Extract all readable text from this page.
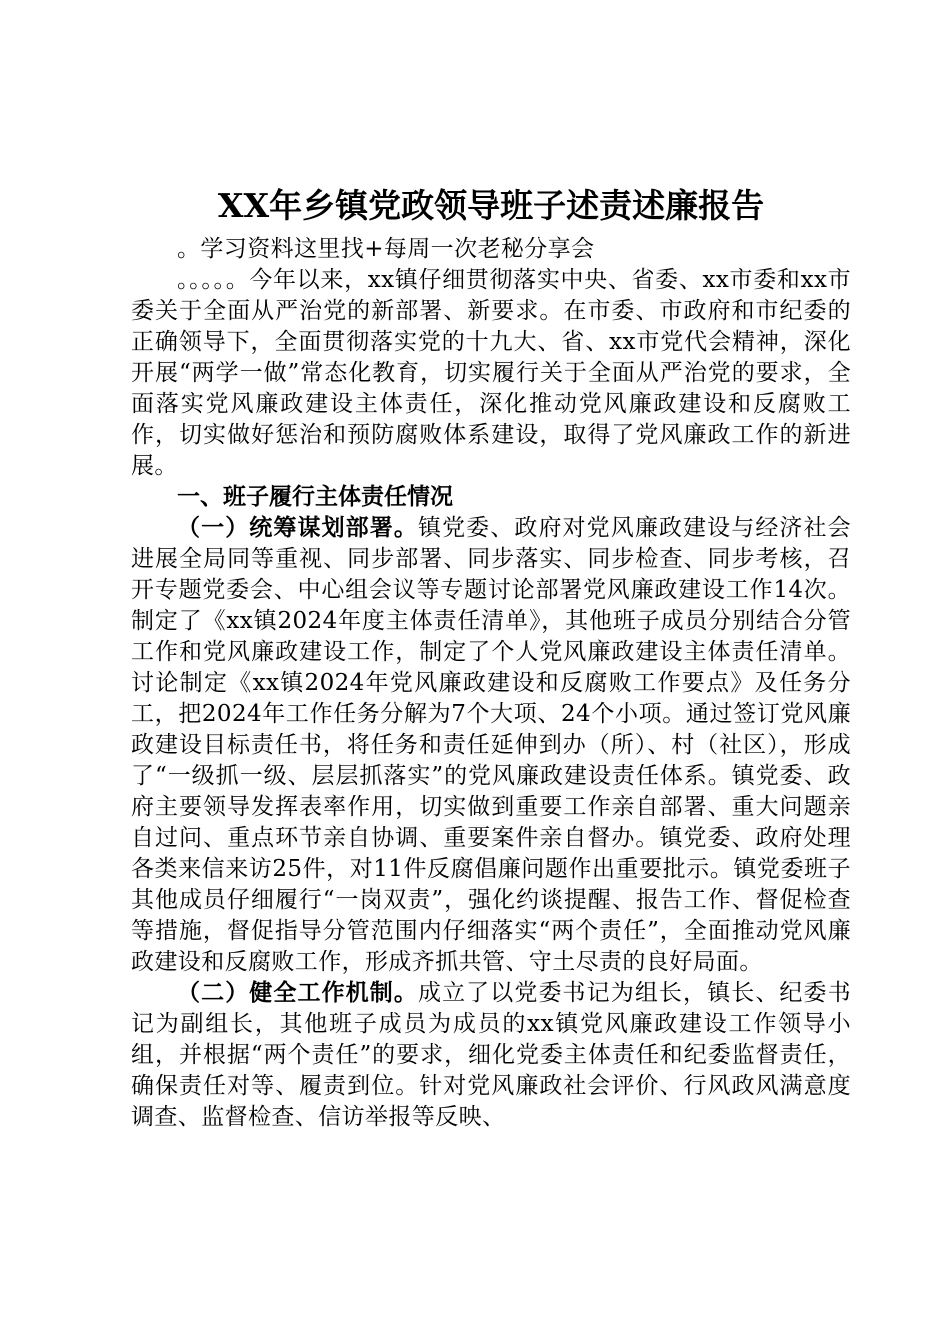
XX年乡镇党政领导班子述责述廉报告

。学习资料这里找+每周一次老秘分享会

。。。。。今年以来，xx镇仔细贯彻落实中央、省委、xx市委和xx市委关于全面从严治党的新部署、新要求。在市委、市政府和市纪委的正确领导下，全面贯彻落实党的十九大、省、xx市党代会精神，深化开展“两学一做”常态化教育，切实履行关于全面从严治党的要求，全面落实党风廉政建设主体责任，深化推动党风廉政建设和反腐败工作，切实做好惩治和预防腐败体系建设，取得了党风廉政工作的新进展。

一、班子履行主体责任情况

（一）统筹谋划部署。镇党委、政府对党风廉政建设与经济社会进展全局同等重视、同步部署、同步落实、同步检查、同步考核，召开专题党委会、中心组会议等专题讨论部署党风廉政建设工作14次。制定了《xx镇2024年度主体责任清单》，其他班子成员分别结合分管工作和党风廉政建设工作，制定了个人党风廉政建设主体责任清单。讨论制定《xx镇2024年党风廉政建设和反腐败工作要点》及任务分工，把2024年工作任务分解为7个大项、24个小项。通过签订党风廉政建设目标责任书，将任务和责任延伸到办（所）、村（社区），形成了“一级抓一级、层层抓落实”的党风廉政建设责任体系。镇党委、政府主要领导发挥表率作用，切实做到重要工作亲自部署、重大问题亲自过问、重点环节亲自协调、重要案件亲自督办。镇党委、政府处理各类来信来访25件，对11件反腐倡廉问题作出重要批示。镇党委班子其他成员仔细履行“一岗双责”，强化约谈提醒、报告工作、督促检查等措施，督促指导分管范围内仔细落实“两个责任”，全面推动党风廉政建设和反腐败工作，形成齐抓共管、守土尽责的良好局面。

（二）健全工作机制。成立了以党委书记为组长，镇长、纪委书记为副组长，其他班子成员为成员的xx镇党风廉政建设工作领导小组，并根据“两个责任”的要求，细化党委主体责任和纪委监督责任，确保责任对等、履责到位。针对党风廉政社会评价、行风政风满意度调查、监督检查、信访举报等反映、
